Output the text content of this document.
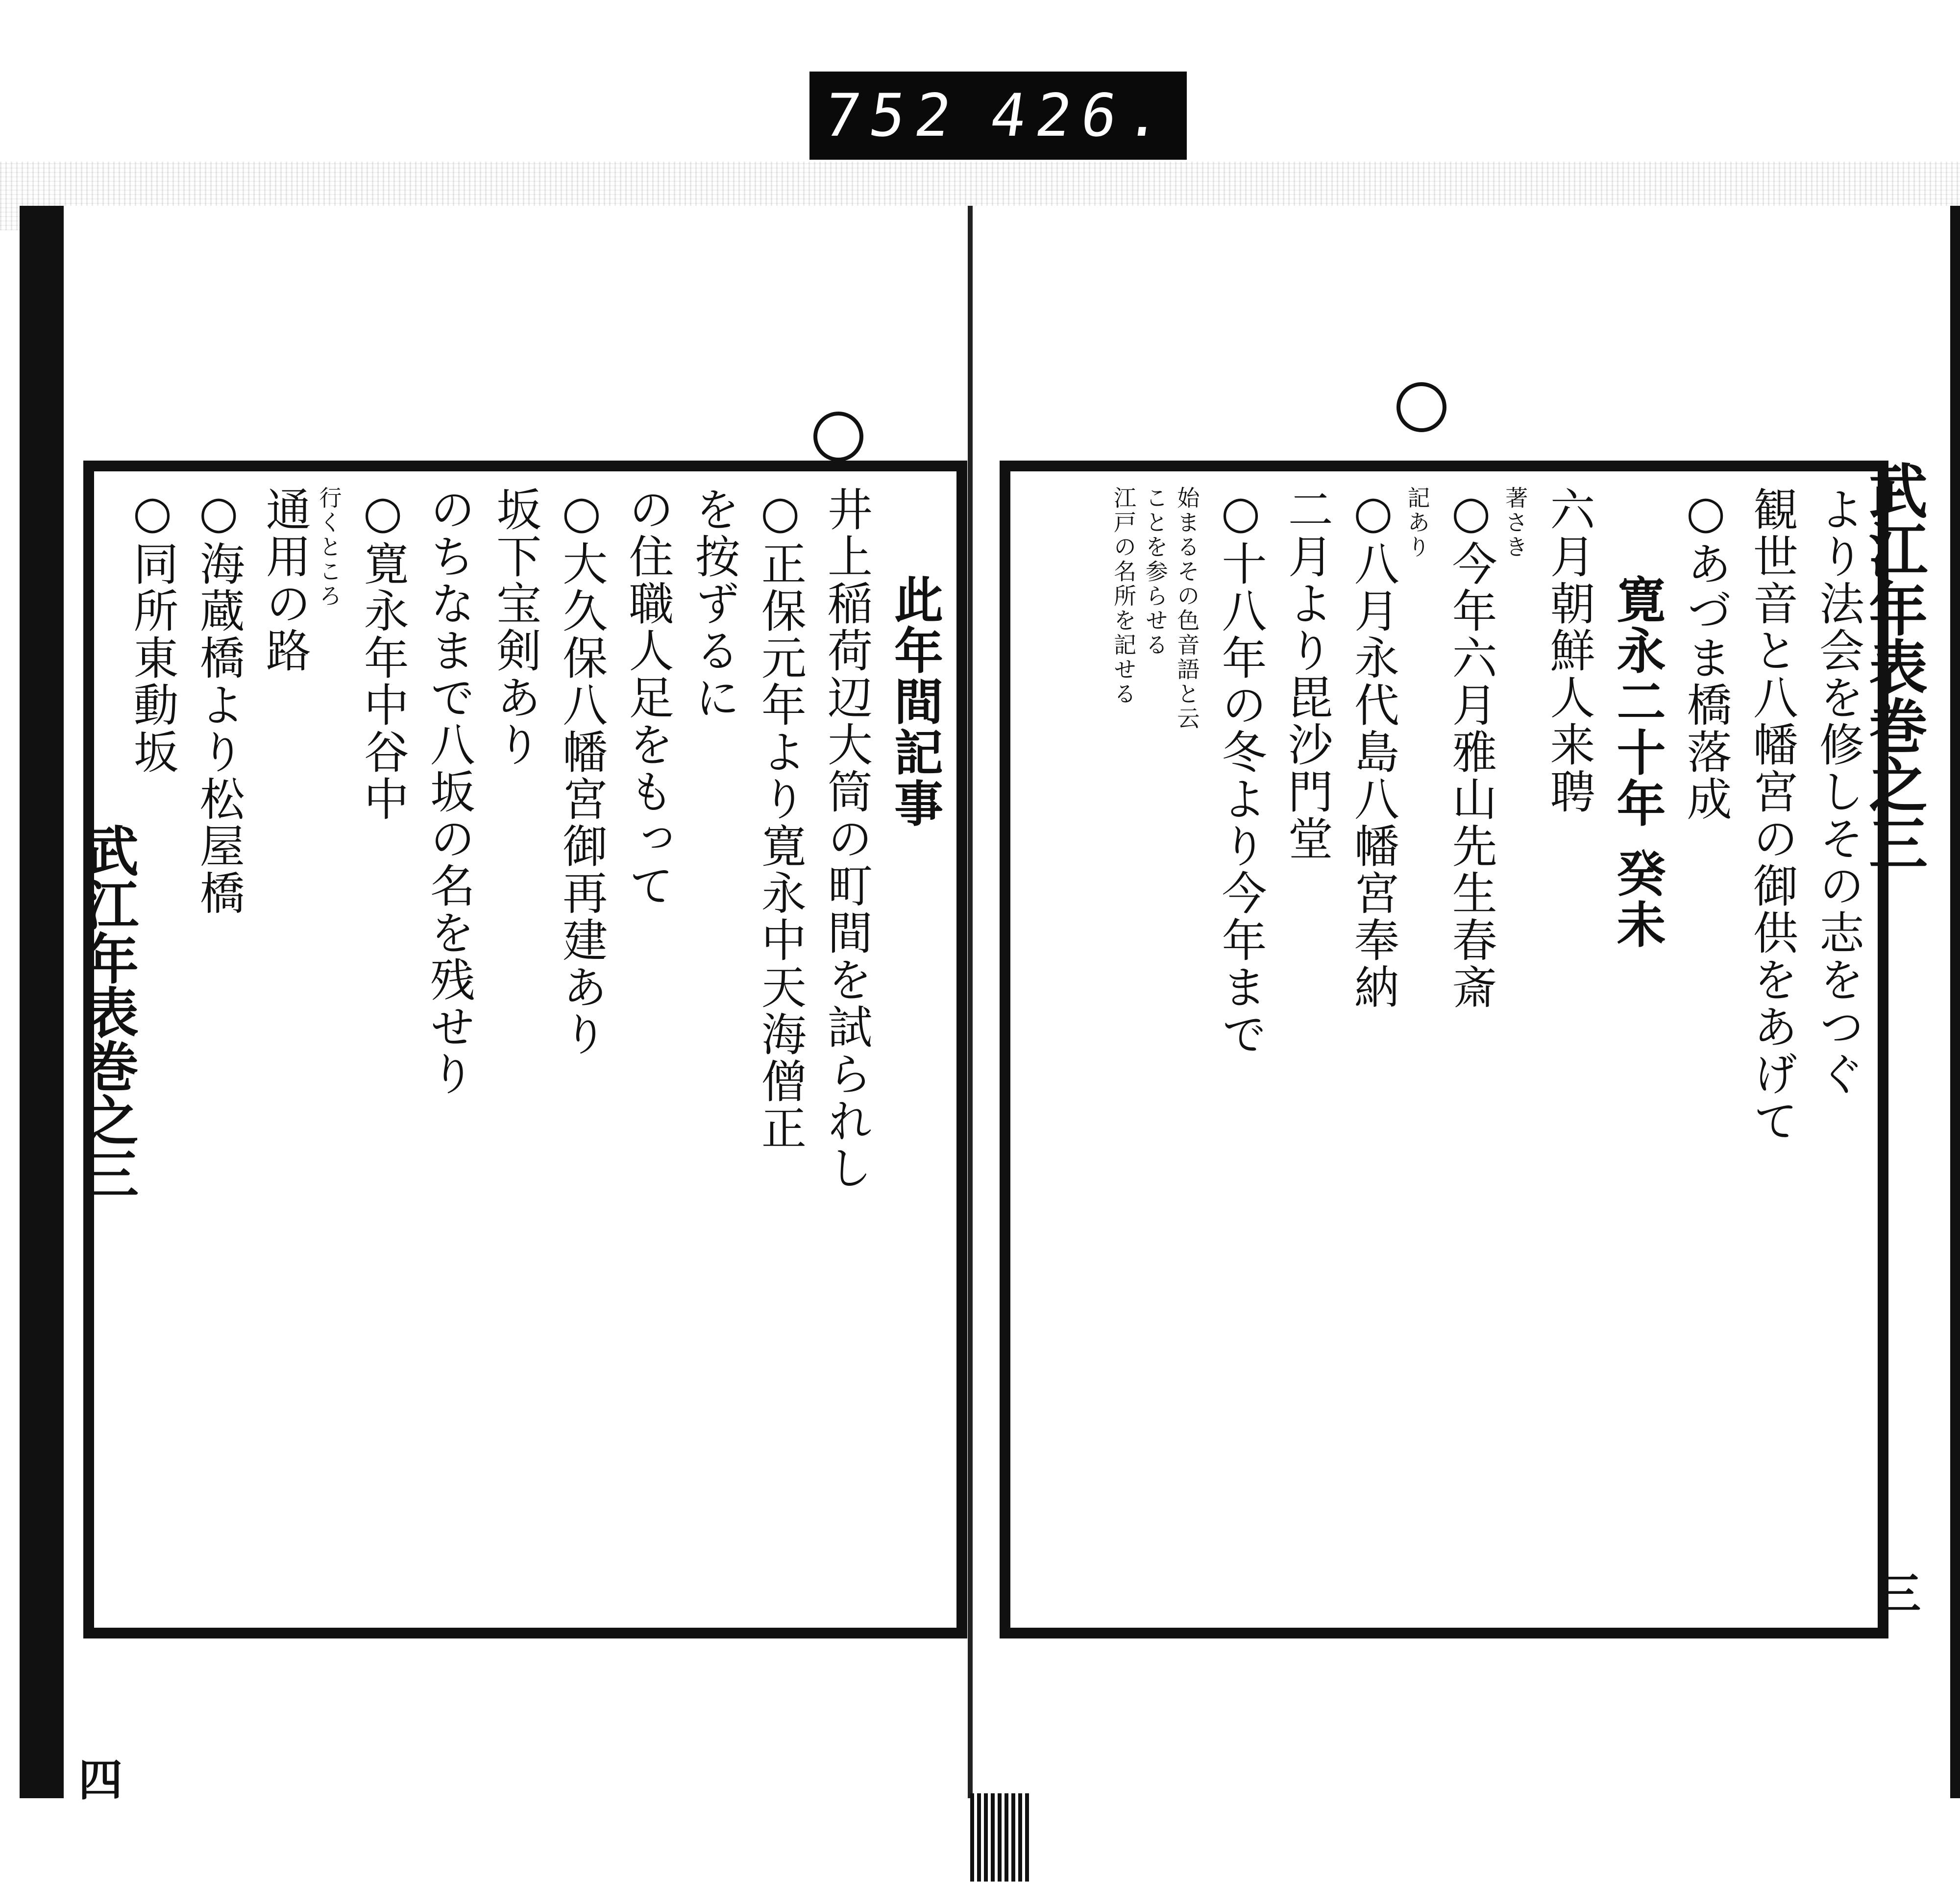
752 426.
此年間記事
井上稲荷辺大筒の町間を試られし
○正保元年より寛永中天海僧正
を按ずるに
の住職人足をもって
○大久保八幡宮御再建あり
坂下宝剣あり
のちなまで八坂の名を残せり
○寛永年中谷中
行くところ
通用の路
○海蔵橋より松屋橋
○同所東動坂
武江年表巻之三
四
より法会を修しその志をつぐ
観世音と八幡宮の御供をあげて
○あづま橋落成
寛永二十年 癸未
六月朝鮮人来聘
著さき
○今年六月雅山先生春斎
記あり
○八月永代島八幡宮奉納
二月より毘沙門堂
○十八年の冬より今年まで
始まるその色音語と云
ことを参らせる
江戸の名所を記せる	武江年表巻之三
三
